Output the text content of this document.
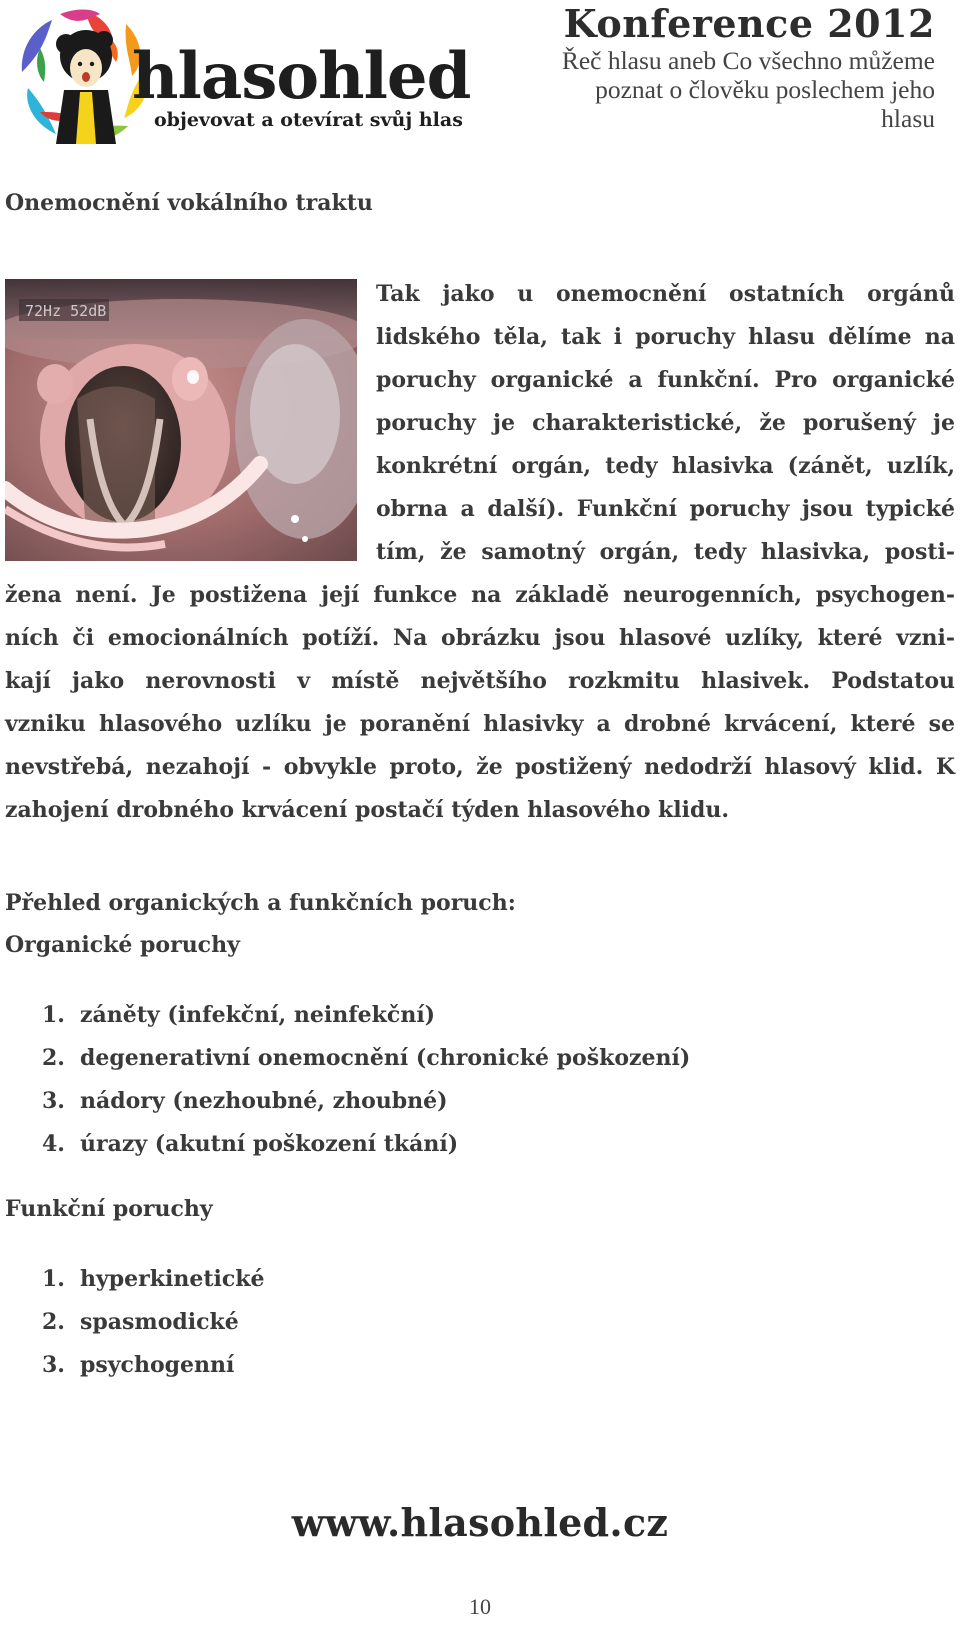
hlasohled
objevovat a otevírat svůj hlas
Konference 2012
Řeč hlasu aneb Co všechno můžeme
poznat o člověku poslechem jeho
hlasu
Onemocnění vokálního traktu
72Hz 52dB
Tak jako u onemocnění ostatních orgánů
lidského těla, tak i poruchy hlasu dělíme na
poruchy organické a funkční. Pro organické
poruchy je charakteristické, že porušený je
konkrétní orgán, tedy hlasivka (zánět, uzlík,
obrna a další). Funkční poruchy jsou typické
tím, že samotný orgán, tedy hlasivka, posti-
žena není. Je postižena její funkce na základě neurogenních, psychogen-
ních či emocionálních potíží. Na obrázku jsou hlasové uzlíky, které vzni-
kají jako nerovnosti v místě největšího rozkmitu hlasivek. Podstatou
vzniku hlasového uzlíku je poranění hlasivky a drobné krvácení, které se
nevstřebá, nezahojí - obvykle proto, že postižený nedodrží hlasový klid. K
zahojení drobného krvácení postačí týden hlasového klidu.
Přehled organických a funkčních poruch:
Organické poruchy
1. záněty (infekční, neinfekční)
2. degenerativní onemocnění (chronické poškození)
3. nádory (nezhoubné, zhoubné)
4. úrazy (akutní poškození tkání)
Funkční poruchy
1. hyperkinetické
2. spasmodické
3. psychogenní
www.hlasohled.cz
10
